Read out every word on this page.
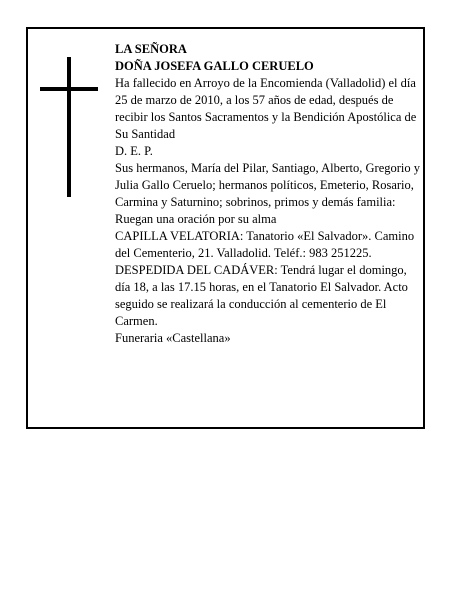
LA SEÑORA

DOÑA JOSEFA GALLO CERUELO

Ha fallecido en Arroyo de la Encomienda (Valladolid) el día 25 de marzo de 2010, a los 57 años de edad, después de recibir los Santos Sacramentos y la Bendición Apostólica de Su Santidad

D. E. P.

Sus hermanos, María del Pilar, Santiago, Alberto, Gregorio y Julia Gallo Ceruelo; hermanos políticos, Emeterio, Rosario, Carmina y Saturnino; sobrinos, primos y demás familia:

Ruegan una oración por su alma

CAPILLA VELATORIA: Tanatorio «El Salvador». Camino del Cementerio, 21. Valladolid. Teléf.: 983 251225.

DESPEDIDA DEL CADÁVER: Tendrá lugar el domingo, día 18, a las 17.15 horas, en el Tanatorio El Salvador. Acto seguido se realizará la conducción al cementerio de El Carmen.

Funeraria «Castellana»
